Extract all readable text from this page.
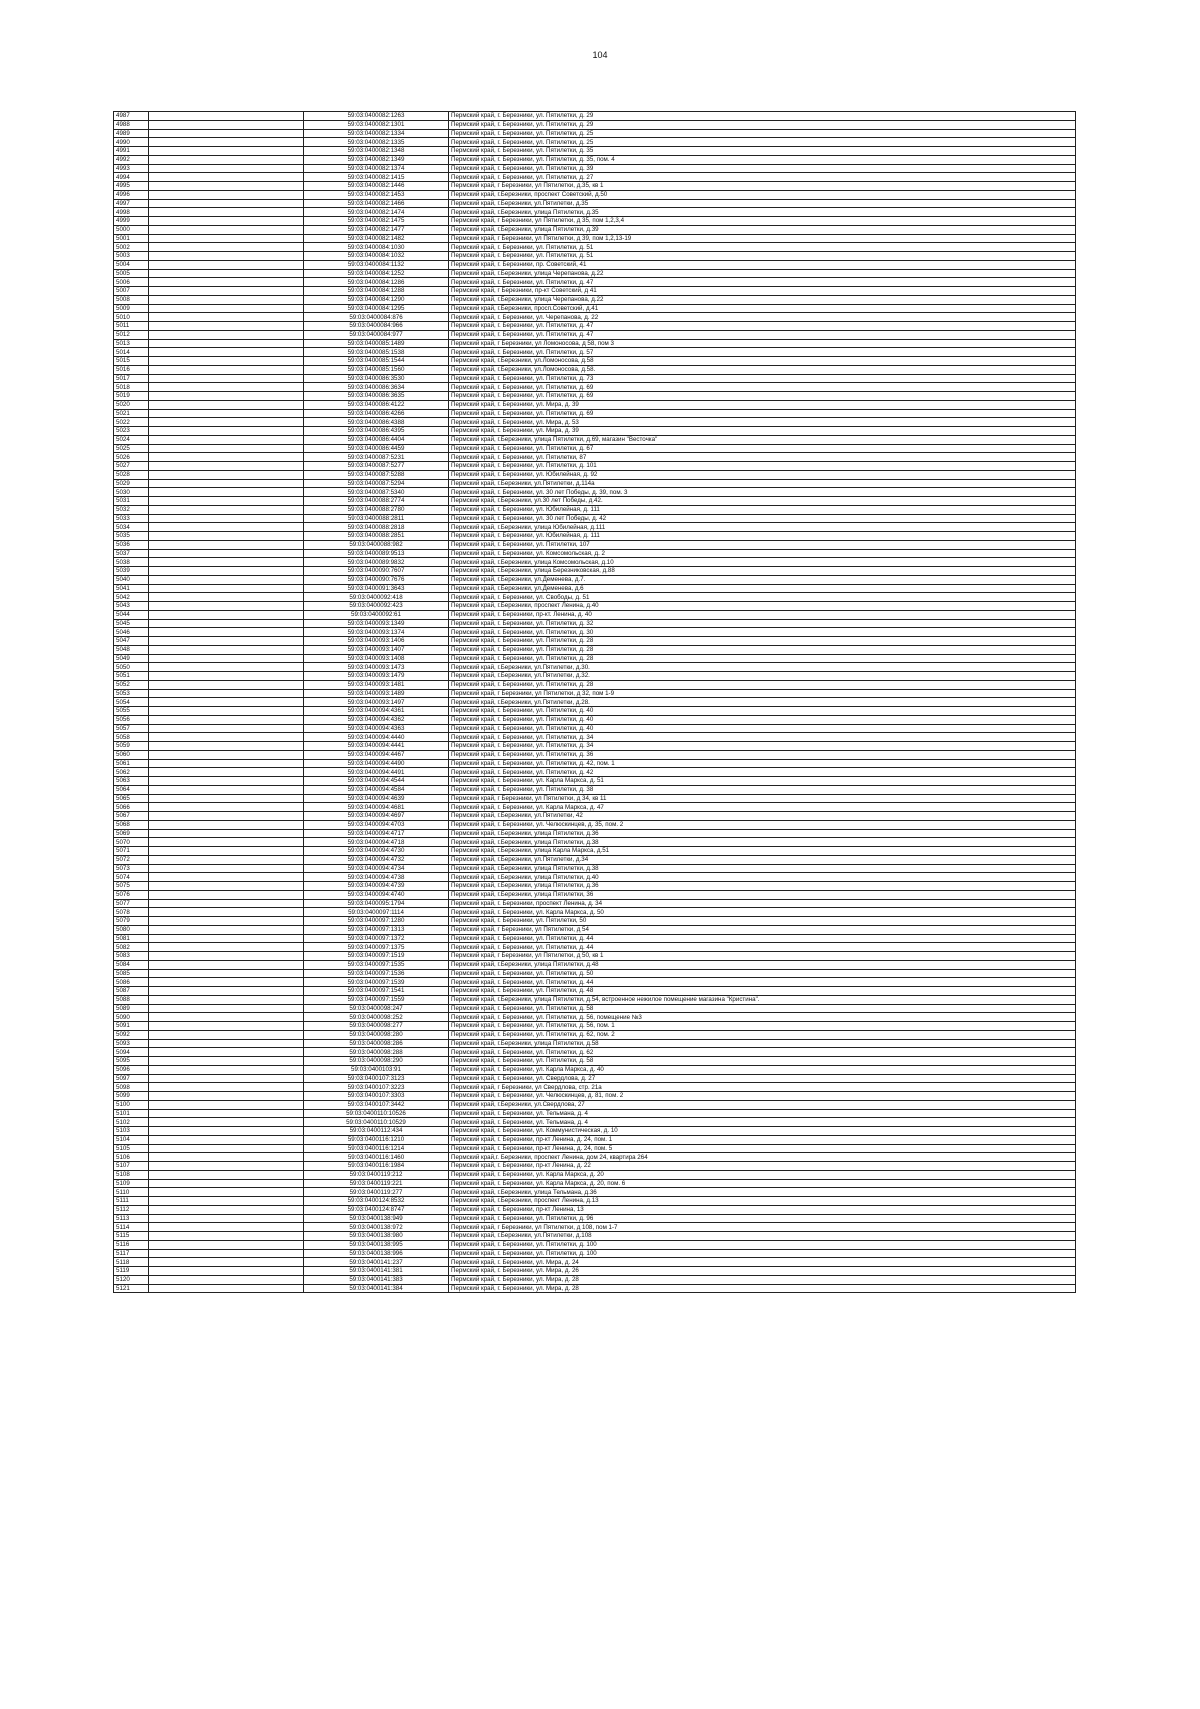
104
4987		59:03:0400082:1263	Пермский край, г. Березники, ул. Пятилетки, д. 29
4988		59:03:0400082:1301	Пермский край, г. Березники, ул. Пятилетки, д. 29
4989		59:03:0400082:1334	Пермский край, г. Березники, ул. Пятилетки, д. 25
4990		59:03:0400082:1335	Пермский край, г. Березники, ул. Пятилетки, д. 25
4991		59:03:0400082:1348	Пермский край, г. Березники, ул. Пятилетки, д. 35
4992		59:03:0400082:1349	Пермский край, г. Березники, ул. Пятилетки, д. 35, пом. 4
4993		59:03:0400082:1374	Пермский край, г. Березники, ул. Пятилетки, д. 39
4994		59:03:0400082:1415	Пермский край, г. Березники, ул. Пятилетки, д. 27
4995		59:03:0400082:1446	Пермский край, г Березники, ул Пятилетки, д.35, кв 1
4996		59:03:0400082:1453	Пермский край, г.Березники, проспект Советский, д.50
4997		59:03:0400082:1466	Пермский край, г.Березники, ул.Пятилетки, д.35
4998		59:03:0400082:1474	Пермский край, г.Березники, улица Пятилетки, д.35
4999		59:03:0400082:1475	Пермский край, г Березники, ул Пятилетки, д 35, пом 1,2,3,4
5000		59:03:0400082:1477	Пермский край, г.Березники, улица Пятилетки, д.39
5001		59:03:0400082:1482	Пермский край, г Березники, ул Пятилетки, д 39, пом 1,2,13-19
5002		59:03:0400084:1030	Пермский край, г. Березники, ул. Пятилетки, д. 51
5003		59:03:0400084:1032	Пермский край, г. Березники, ул. Пятилетки, д. 51
5004		59:03:0400084:1132	Пермский край, г. Березники, пр. Советский, 41
5005		59:03:0400084:1252	Пермский край, г.Березники, улица Черепанова, д.22
5006		59:03:0400084:1286	Пермский край, г. Березники, ул. Пятилетки, д. 47
5007		59:03:0400084:1288	Пермский край, г Березники, пр-кт Советский, д 41
5008		59:03:0400084:1290	Пермский край, г.Березники, улица Черепанова, д.22
5009		59:03:0400084:1295	Пермский край, г.Березники, просп.Советский, д.41
5010		59:03:0400084:876	Пермский край, г. Березники, ул. Черепанова, д. 22
5011		59:03:0400084:966	Пермский край, г. Березники, ул. Пятилетки, д. 47
5012		59:03:0400084:977	Пермский край, г. Березники, ул. Пятилетки, д. 47
5013		59:03:0400085:1489	Пермский край, г Березники, ул Ломоносова, д 58, пом 3
5014		59:03:0400085:1538	Пермский край, г. Березники, ул. Пятилетки, д. 57
5015		59:03:0400085:1544	Пермский край, г.Березники, ул.Ломоносова, д.58
5016		59:03:0400085:1560	Пермский край, г.Березники, ул.Ломоносова, д.58.
5017		59:03:0400086:3530	Пермский край, г. Березники, ул. Пятилетки, д. 73
5018		59:03:0400086:3634	Пермский край, г. Березники, ул. Пятилетки, д. 69
5019		59:03:0400086:3635	Пермский край, г. Березники, ул. Пятилетки, д. 69
5020		59:03:0400086:4122	Пермский край, г. Березники, ул. Мира, д. 39
5021		59:03:0400086:4266	Пермский край, г. Березники, ул. Пятилетки, д. 69
5022		59:03:0400086:4388	Пермский край, г. Березники, ул. Мира, д. 53
5023		59:03:0400086:4395	Пермский край, г. Березники, ул. Мира, д. 39
5024		59:03:0400086:4404	Пермский край, г.Березники, улица Пятилетки, д.69, магазин "Весточка"
5025		59:03:0400086:4459	Пермский край, г. Березники, ул. Пятилетки, д. 67
5026		59:03:0400087:5231	Пермский край, г. Березники, ул. Пятилетки, 87
5027		59:03:0400087:5277	Пермский край, г. Березники, ул. Пятилетки, д. 101
5028		59:03:0400087:5288	Пермский край, г. Березники, ул. Юбилейная, д. 92
5029		59:03:0400087:5294	Пермский край, г.Березники, ул.Пятилетки, д.114а
5030		59:03:0400087:5340	Пермский край, г. Березники, ул. 30 лет Победы, д. 39, пом. 3
5031		59:03:0400088:2774	Пермский край, г.Березники, ул.30 лет Победы, д.42.
5032		59:03:0400088:2780	Пермский край, г. Березники, ул. Юбилейная, д. 111
5033		59:03:0400088:2811	Пермский край, г. Березники, ул. 30 лет Победы, д. 42
5034		59:03:0400088:2818	Пермский край, г.Березники, улица Юбилейная, д.111
5035		59:03:0400088:2851	Пермский край, г. Березники, ул. Юбилейная, д. 111
5036		59:03:0400088:982	Пермский край, г. Березники, ул. Пятилетки, 107
5037		59:03:0400089:9513	Пермский край, г. Березники, ул. Комсомольская, д. 2
5038		59:03:0400089:9832	Пермский край, г.Березники, улица Комсомольская, д.10
5039		59:03:0400090:7607	Пермский край, г.Березники, улица Березниковская, д.88
5040		59:03:0400090:7676	Пермский край, г.Березники, ул.Деменева, д.7.
5041		59:03:0400091:3643	Пермский край, г.Березники, ул.Деменева, д.6
5042		59:03:0400092:418	Пермский край, г. Березники, ул. Свободы, д. 51
5043		59:03:0400092:423	Пермский край, г.Березники, проспект Ленина, д.40
5044		59:03:0400092:61	Пермский край, г. Березники, пр-кт. Ленина, д. 40
5045		59:03:0400093:1349	Пермский край, г. Березники, ул. Пятилетки, д. 32
5046		59:03:0400093:1374	Пермский край, г. Березники, ул. Пятилетки, д. 30
5047		59:03:0400093:1406	Пермский край, г. Березники, ул. Пятилетки, д. 28
5048		59:03:0400093:1407	Пермский край, г. Березники, ул. Пятилетки, д. 28
5049		59:03:0400093:1408	Пермский край, г. Березники, ул. Пятилетки, д. 28
5050		59:03:0400093:1473	Пермский край, г.Березники, ул.Пятилетки, д.30.
5051		59:03:0400093:1479	Пермский край, г.Березники, ул.Пятилетки, д.32.
5052		59:03:0400093:1481	Пермский край, г. Березники, ул. Пятилетки, д. 28
5053		59:03:0400093:1489	Пермский край, г Березники, ул Пятилетки, д 32, пом 1-9
5054		59:03:0400093:1497	Пермский край, г.Березники, ул.Пятилетки, д.28.
5055		59:03:0400094:4361	Пермский край, г. Березники, ул. Пятилетки, д. 40
5056		59:03:0400094:4362	Пермский край, г. Березники, ул. Пятилетки, д. 40
5057		59:03:0400094:4363	Пермский край, г. Березники, ул. Пятилетки, д. 40
5058		59:03:0400094:4440	Пермский край, г. Березники, ул. Пятилетки, д. 34
5059		59:03:0400094:4441	Пермский край, г. Березники, ул. Пятилетки, д. 34
5060		59:03:0400094:4467	Пермский край, г. Березники, ул. Пятилетки, д. 36
5061		59:03:0400094:4490	Пермский край, г. Березники, ул. Пятилетки, д. 42, пом. 1
5062		59:03:0400094:4491	Пермский край, г. Березники, ул. Пятилетки, д. 42
5063		59:03:0400094:4544	Пермский край, г. Березники, ул. Карла Маркса, д. 51
5064		59:03:0400094:4584	Пермский край, г. Березники, ул. Пятилетки, д. 38
5065		59:03:0400094:4639	Пермский край, г Березники, ул Пятилетки, д 34, кв 11
5066		59:03:0400094:4681	Пермский край, г. Березники, ул. Карла Маркса, д. 47
5067		59:03:0400094:4697	Пермский край, г.Березники, ул.Пятилетки, 42
5068		59:03:0400094:4703	Пермский край, г. Березники, ул. Челюскинцев, д. 35, пом. 2
5069		59:03:0400094:4717	Пермский край, г.Березники, улица Пятилетки, д.36
5070		59:03:0400094:4718	Пермский край, г.Березники, улица Пятилетки, д.38
5071		59:03:0400094:4730	Пермский край, г.Березники, улица Карла Маркса, д.51
5072		59:03:0400094:4732	Пермский край, г.Березники, ул.Пятилетки, д.34
5073		59:03:0400094:4734	Пермский край, г.Березники, улица Пятилетки, д.38
5074		59:03:0400094:4738	Пермский край, г.Березники, улица Пятилетки, д.40
5075		59:03:0400094:4739	Пермский край, г.Березники, улица Пятилетки, д.36
5076		59:03:0400094:4740	Пермский край, г.Березники, улица Пятилетки, 36
5077		59:03:0400095:1794	Пермский край, г. Березники, проспект Ленина, д. 34
5078		59:03:0400097:1114	Пермский край, г. Березники, ул. Карла Маркса, д. 50
5079		59:03:0400097:1280	Пермский край, г. Березники, ул. Пятилетки, 50
5080		59:03:0400097:1313	Пермский край, г Березники, ул Пятилетки, д 54
5081		59:03:0400097:1372	Пермский край, г. Березники, ул. Пятилетки, д. 44
5082		59:03:0400097:1375	Пермский край, г. Березники, ул. Пятилетки, д. 44
5083		59:03:0400097:1519	Пермский край, г Березники, ул Пятилетки, д 50, кв 1
5084		59:03:0400097:1535	Пермский край, г.Березники, улица Пятилетки, д.48
5085		59:03:0400097:1536	Пермский край, г. Березники, ул. Пятилетки, д. 50
5086		59:03:0400097:1539	Пермский край, г. Березники, ул. Пятилетки, д. 44
5087		59:03:0400097:1541	Пермский край, г. Березники, ул. Пятилетки, д. 48
5088		59:03:0400097:1559	Пермский край, г.Березники, улица Пятилетки, д.54, встроенное нежилое помещение магазина "Кристина".
5089		59:03:0400098:247	Пермский край, г. Березники, ул. Пятилетки, д. 58
5090		59:03:0400098:252	Пермский край, г. Березники, ул. Пятилетки, д. 56, помещение №3
5091		59:03:0400098:277	Пермский край, г. Березники, ул. Пятилетки, д. 56, пом. 1
5092		59:03:0400098:280	Пермский край, г. Березники, ул. Пятилетки, д. 62, пом. 2
5093		59:03:0400098:286	Пермский край, г.Березники, улица Пятилетки, д.58
5094		59:03:0400098:288	Пермский край, г. Березники, ул. Пятилетки, д. 62
5095		59:03:0400098:290	Пермский край, г. Березники, ул. Пятилетки, д. 58
5096		59:03:0400103:91	Пермский край, г. Березники, ул. Карла Маркса, д. 40
5097		59:03:0400107:3123	Пермский край, г. Березники, ул. Свердлова, д. 27
5098		59:03:0400107:3223	Пермский край, г Березники, ул Свердлова, стр. 21а
5099		59:03:0400107:3303	Пермский край, г. Березники, ул. Челюскинцев, д. 81, пом. 2
5100		59:03:0400107:3442	Пермский край, г.Березники, ул.Свердлова, 27
5101		59:03:0400110:10526	Пермский край, г. Березники, ул. Тельмана, д. 4
5102		59:03:0400110:10529	Пермский край, г. Березники, ул. Тельмана, д. 4
5103		59:03:0400112:434	Пермский край, г. Березники, ул. Коммунистическая, д. 10
5104		59:03:0400116:1210	Пермский край, г. Березники, пр-кт Ленина, д. 24, пом. 1
5105		59:03:0400116:1214	Пермский край, г. Березники, пр-кт Ленина, д. 24, пом. 5
5106		59:03:0400116:1460	Пермский край,г. Березники, проспект Ленина, дом 24, квартира 264
5107		59:03:0400116:1984	Пермский край, г. Березники, пр-кт Ленина, д. 22
5108		59:03:0400119:212	Пермский край, г. Березники, ул. Карла Маркса, д. 20
5109		59:03:0400119:221	Пермский край, г. Березники, ул. Карла Маркса, д. 20, пом. 6
5110		59:03:0400119:277	Пермский край, г.Березники, улица Тельмана, д.36
5111		59:03:0400124:8532	Пермский край, г.Березники, проспект Ленина, д.13
5112		59:03:0400124:8747	Пермский край, г. Березники, пр-кт Ленина, 13
5113		59:03:0400138:949	Пермский край, г. Березники, ул. Пятилетки, д. 96
5114		59:03:0400138:972	Пермский край, г Березники, ул Пятилетки, д 108, пом 1-7
5115		59:03:0400138:980	Пермский край, г.Березники, ул.Пятилетки, д.108
5116		59:03:0400138:995	Пермский край, г. Березники, ул. Пятилетки, д. 100
5117		59:03:0400138:996	Пермский край, г. Березники, ул. Пятилетки, д. 100
5118		59:03:0400141:237	Пермский край, г. Березники, ул. Мира, д. 24
5119		59:03:0400141:381	Пермский край, г. Березники, ул. Мира, д. 26
5120		59:03:0400141:383	Пермский край, г. Березники, ул. Мира, д. 28
5121		59:03:0400141:384	Пермский край, г. Березники, ул. Мира, д. 28
